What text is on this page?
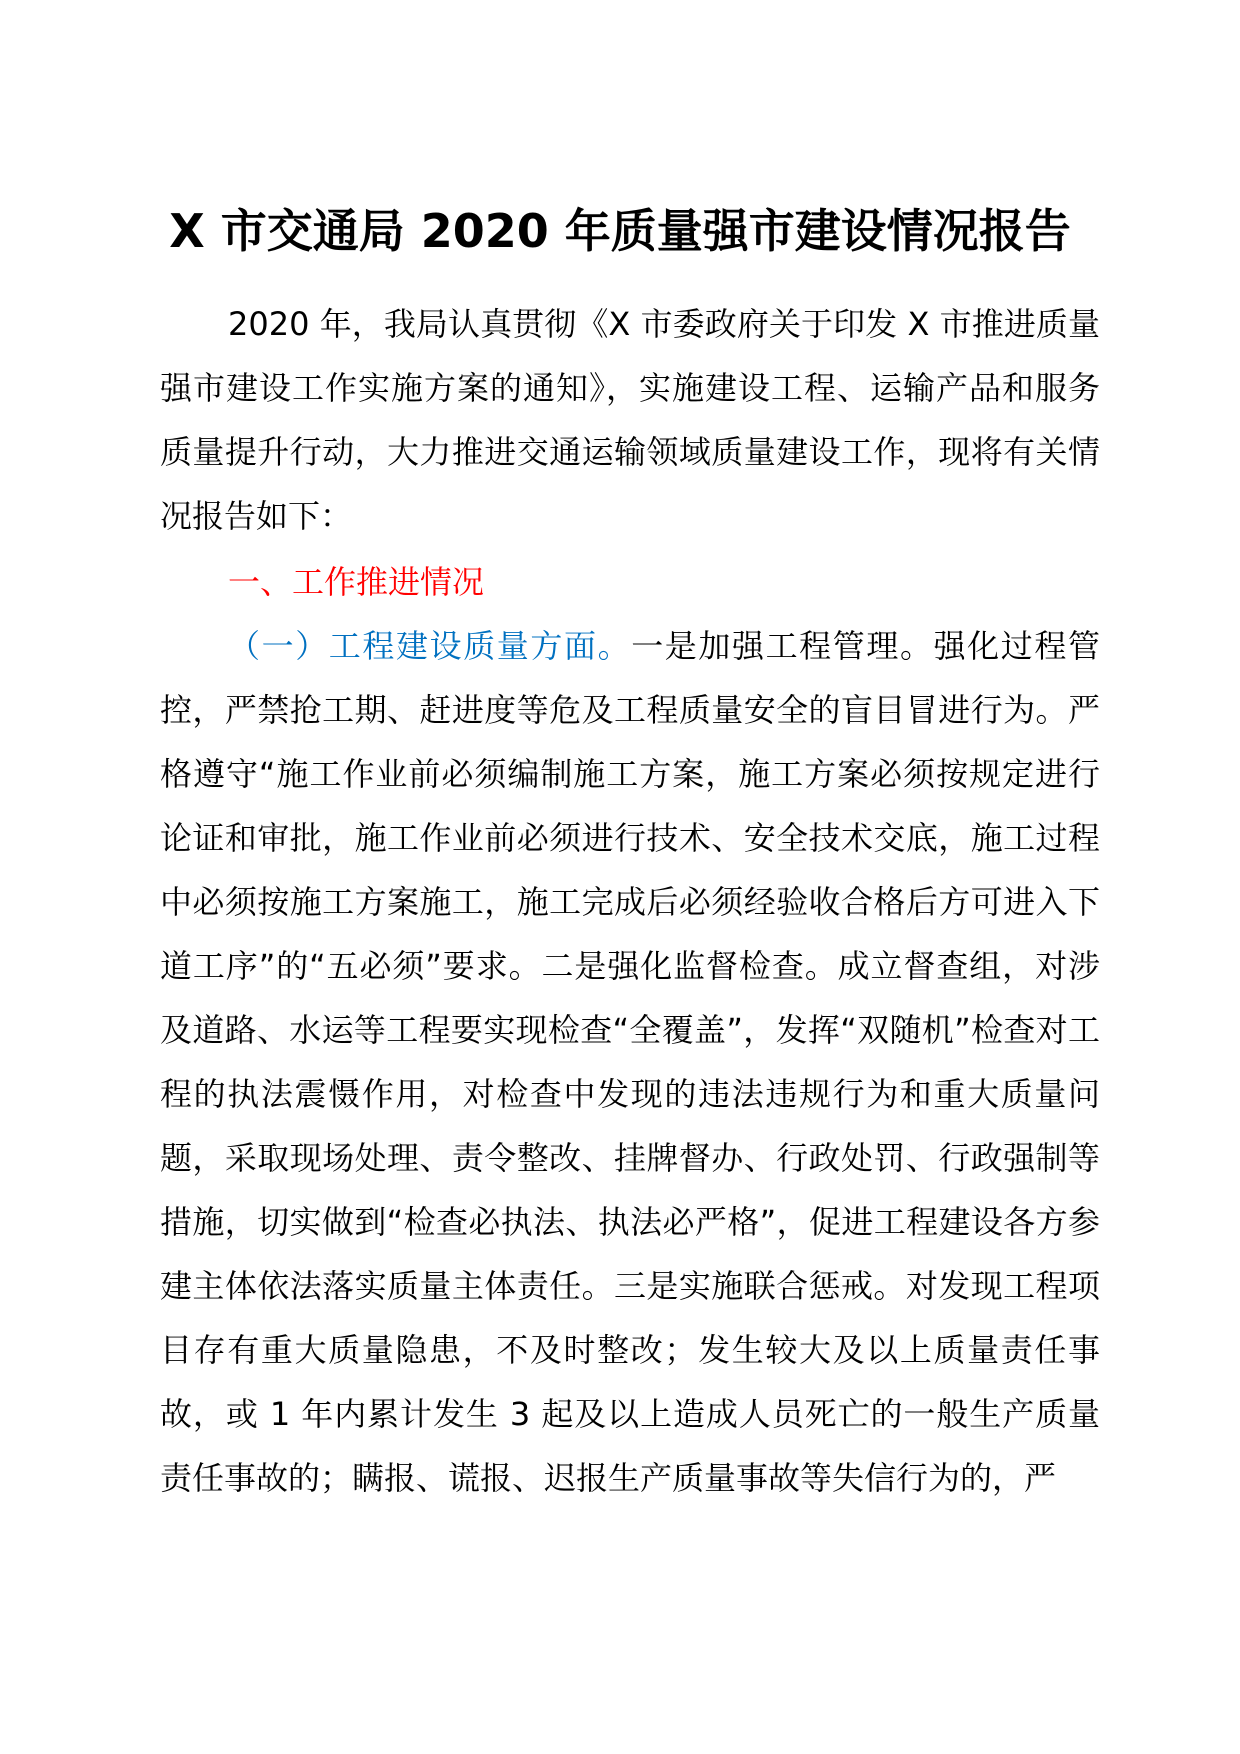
X 市交通局 2020 年质量强市建设情况报告

2020 年，我局认真贯彻《X 市委政府关于印发 X 市推进质量强市建设工作实施方案的通知》，实施建设工程、运输产品和服务质量提升行动，大力推进交通运输领域质量建设工作，现将有关情况报告如下：

一、工作推进情况

（一）工程建设质量方面。一是加强工程管理。强化过程管控，严禁抢工期、赶进度等危及工程质量安全的盲目冒进行为。严格遵守“施工作业前必须编制施工方案，施工方案必须按规定进行论证和审批，施工作业前必须进行技术、安全技术交底，施工过程中必须按施工方案施工，施工完成后必须经验收合格后方可进入下道工序”的“五必须”要求。二是强化监督检查。成立督查组，对涉及道路、水运等工程要实现检查“全覆盖”，发挥“双随机”检查对工程的执法震慑作用，对检查中发现的违法违规行为和重大质量问题，采取现场处理、责令整改、挂牌督办、行政处罚、行政强制等措施，切实做到“检查必执法、执法必严格”，促进工程建设各方参建主体依法落实质量主体责任。三是实施联合惩戒。对发现工程项目存有重大质量隐患，不及时整改；发生较大及以上质量责任事故，或 1 年内累计发生 3 起及以上造成人员死亡的一般生产质量责任事故的；瞒报、谎报、迟报生产质量事故等失信行为的，严
